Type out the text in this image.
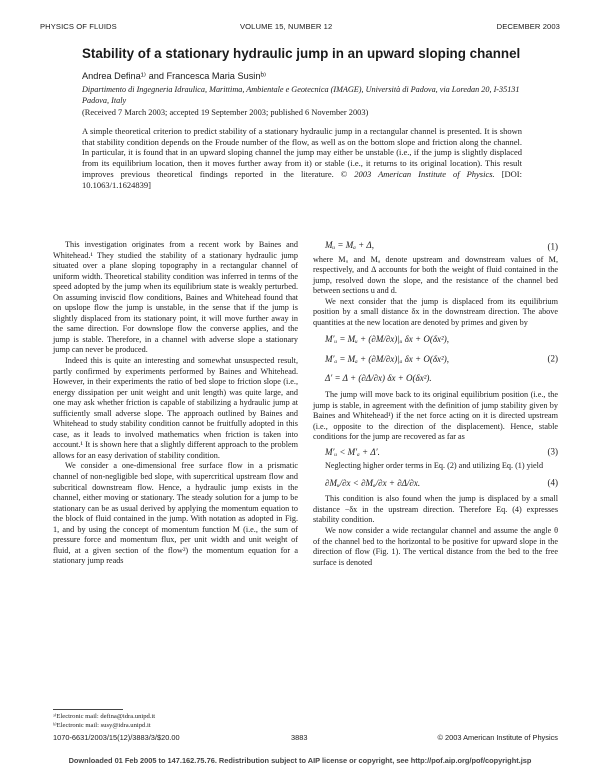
PHYSICS OF FLUIDS	VOLUME 15, NUMBER 12	DECEMBER 2003
Stability of a stationary hydraulic jump in an upward sloping channel
Andrea Defina¹⁾ and Francesca Maria Susinᵇ⁾
Dipartimento di Ingegneria Idraulica, Marittima, Ambientale e Geotecnica (IMAGE), Università di Padova, via Loredan 20, I-35131 Padova, Italy
(Received 7 March 2003; accepted 19 September 2003; published 6 November 2003)
A simple theoretical criterion to predict stability of a stationary hydraulic jump in a rectangular channel is presented. It is shown that stability condition depends on the Froude number of the flow, as well as on the bottom slope and friction along the channel. In particular, it is found that in an upward sloping channel the jump may either be unstable (i.e., if the jump is slightly displaced from its equilibrium location, then it moves further away from it) or stable (i.e., it returns to its original location). This result improves previous theoretical findings reported in the literature. © 2003 American Institute of Physics. [DOI: 10.1063/1.1624839]

This investigation originates from a recent work by Baines and Whitehead.¹ They studied the stability of a stationary hydraulic jump situated over a plane sloping topography in a rectangular channel of uniform width. Theoretical stability condition was inferred in terms of the speed adopted by the jump when its equilibrium state is weakly perturbed. On assuming inviscid flow conditions, Baines and Whitehead found that on upslope flow the jump is unstable, in the sense that if the jump is slightly displaced from its stationary point, it will move further away in the same direction. For downslope flow the converse applies, and the jump is stable. Therefore, in a channel with adverse slope a stationary jump can never be produced.

Indeed this is quite an interesting and somewhat unsuspected result, partly confirmed by experiments performed by Baines and Whitehead. However, in their experiments the ratio of bed slope to friction slope (i.e., energy dissipation per unit weight and unit length) was quite large, and one may ask whether friction is capable of stabilizing a hydraulic jump at sufficiently small adverse slope. The approach outlined by Baines and Whitehead to study stability condition cannot be fruitfully adopted in this case, as it leads to involved mathematics when friction is taken into account.¹ It is shown here that a slightly different approach to the problem allows for an easy derivation of stability condition.

We consider a one-dimensional free surface flow in a prismatic channel of non-negligible bed slope, with supercritical upstream flow and subcritical downstream flow. Hence, a hydraulic jump exists in the channel, either moving or stationary. The steady solution for a jump to be stationary can be as usual derived by applying the momentum equation to the block of fluid contained in the jump. With notation as adopted in Fig. 1, and by using the concept of momentum function M (i.e., the sum of pressure force and momentum flux, per unit width and unit weight of fluid, at a given section of the flow²) the momentum equation for a stationary jump reads

Mᵤ = Mₐ + Δ,	(1)

where Mᵤ and Mₐ denote upstream and downstream values of M, respectively, and Δ accounts for both the weight of fluid contained in the jump, resolved down the slope, and the resistance of the channel bed between sections u and d.

We next consider that the jump is displaced from its equilibrium position by a small distance δx in the downstream direction. The above quantities at the new location are denoted by primes and given by

M′ᵤ = Mᵤ + (∂M/∂x)|ᵤ δx + O(δx²),
M′ₐ = Mₐ + (∂M/∂x)|ₐ δx + O(δx²),
Δ′ = Δ + (∂Δ/∂x) δx + O(δx²).
(2)

The jump will move back to its original equilibrium position (i.e., the jump is stable, in agreement with the definition of jump stability given by Baines and Whitehead¹) if the net force acting on it is directed upstream (i.e., opposite to the direction of the displacement). Hence, stable conditions for the jump are recovered as far as

M′ᵤ < M′ₐ + Δ′.	(3)

Neglecting higher order terms in Eq. (2) and utilizing Eq. (1) yield

∂Mᵤ/∂x < ∂Mₐ/∂x + ∂Δ/∂x.	(4)

This condition is also found when the jump is displaced by a small distance −δx in the upstream direction. Therefore Eq. (4) expresses stability condition.

We now consider a wide rectangular channel and assume the angle θ of the channel bed to the horizontal to be positive for upward slope in the direction of flow (Fig. 1). The vertical distance from the bed to the free surface is denoted

ᵃ⁾Electronic mail: defina@idra.unipd.it
ᵇ⁾Electronic mail: susy@idra.unipd.it
1070-6631/2003/15(12)/3883/3/$20.00	3883	© 2003 American Institute of Physics
Downloaded 01 Feb 2005 to 147.162.75.76. Redistribution subject to AIP license or copyright, see http://pof.aip.org/pof/copyright.jsp
